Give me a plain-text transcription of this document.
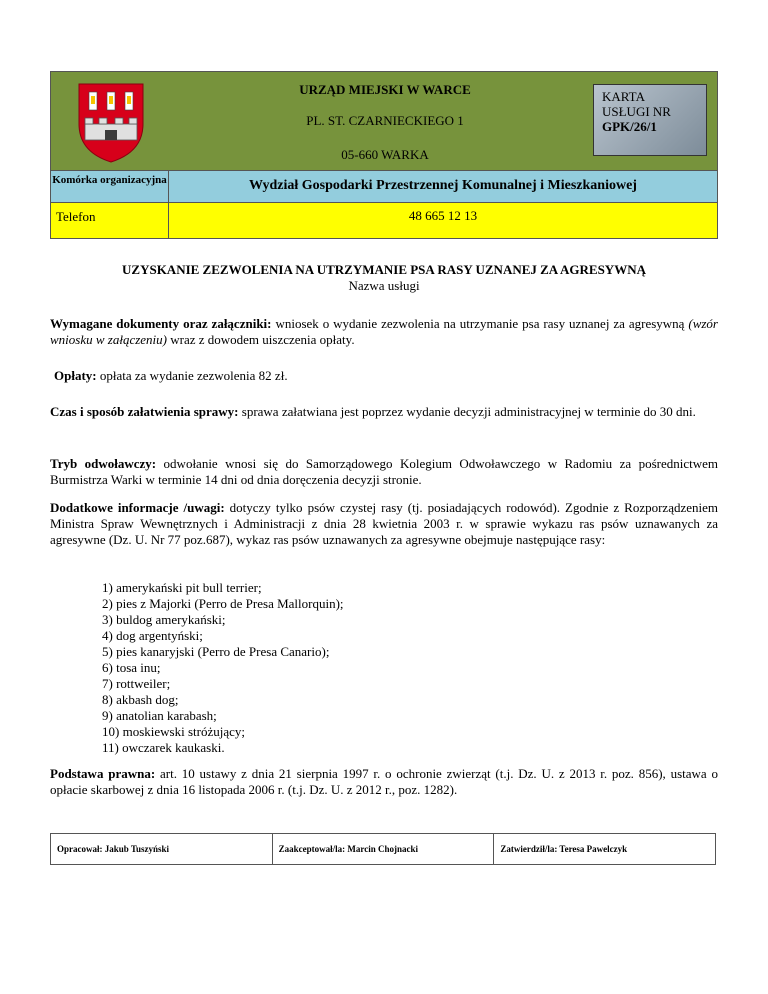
URZĄD MIEJSKI W WARCE
PL. ST. CZARNIECKIEGO 1
05-660 WARKA
KARTA
USŁUGI NR
GPK/26/1
Komórka organizacyjna	Wydział Gospodarki Przestrzennej Komunalnej i Mieszkaniowej
Telefon	48 665 12 13
UZYSKANIE ZEZWOLENIA NA UTRZYMANIE PSA RASY UZNANEJ ZA AGRESYWNĄ
Nazwa usługi
Wymagane dokumenty oraz załączniki: wniosek o wydanie zezwolenia na utrzymanie psa rasy uznanej za agresywną (wzór wniosku w załączeniu) wraz z dowodem uiszczenia opłaty.
Opłaty: opłata za wydanie zezwolenia 82 zł.
Czas i sposób załatwienia sprawy: sprawa załatwiana jest poprzez wydanie decyzji administracyjnej w terminie do 30 dni.
Tryb odwoławczy: odwołanie wnosi się do Samorządowego Kolegium Odwoławczego w Radomiu za pośrednictwem Burmistrza Warki w terminie 14 dni od dnia doręczenia decyzji stronie.
Dodatkowe informacje /uwagi: dotyczy tylko psów czystej rasy (tj. posiadających rodowód). Zgodnie z Rozporządzeniem Ministra Spraw Wewnętrznych i Administracji z dnia 28 kwietnia 2003 r. w sprawie wykazu ras psów uznawanych za agresywne (Dz. U. Nr 77 poz.687), wykaz ras psów uznawanych za agresywne obejmuje następujące rasy:
1) amerykański pit bull terrier;
2) pies z Majorki (Perro de Presa Mallorquin);
3) buldog amerykański;
4) dog argentyński;
5) pies kanaryjski (Perro de Presa Canario);
6) tosa inu;
7) rottweiler;
8) akbash dog;
9) anatolian karabash;
10) moskiewski stróżujący;
11) owczarek kaukaski.
Podstawa prawna: art. 10 ustawy z dnia 21 sierpnia 1997 r. o ochronie zwierząt (t.j. Dz. U. z 2013 r. poz. 856), ustawa o opłacie skarbowej z dnia 16 listopada 2006 r. (t.j. Dz. U. z 2012 r., poz. 1282).
Opracował: Jakub Tuszyński	Zaakceptował/la: Marcin Chojnacki	Zatwierdził/la: Teresa Pawelczyk
